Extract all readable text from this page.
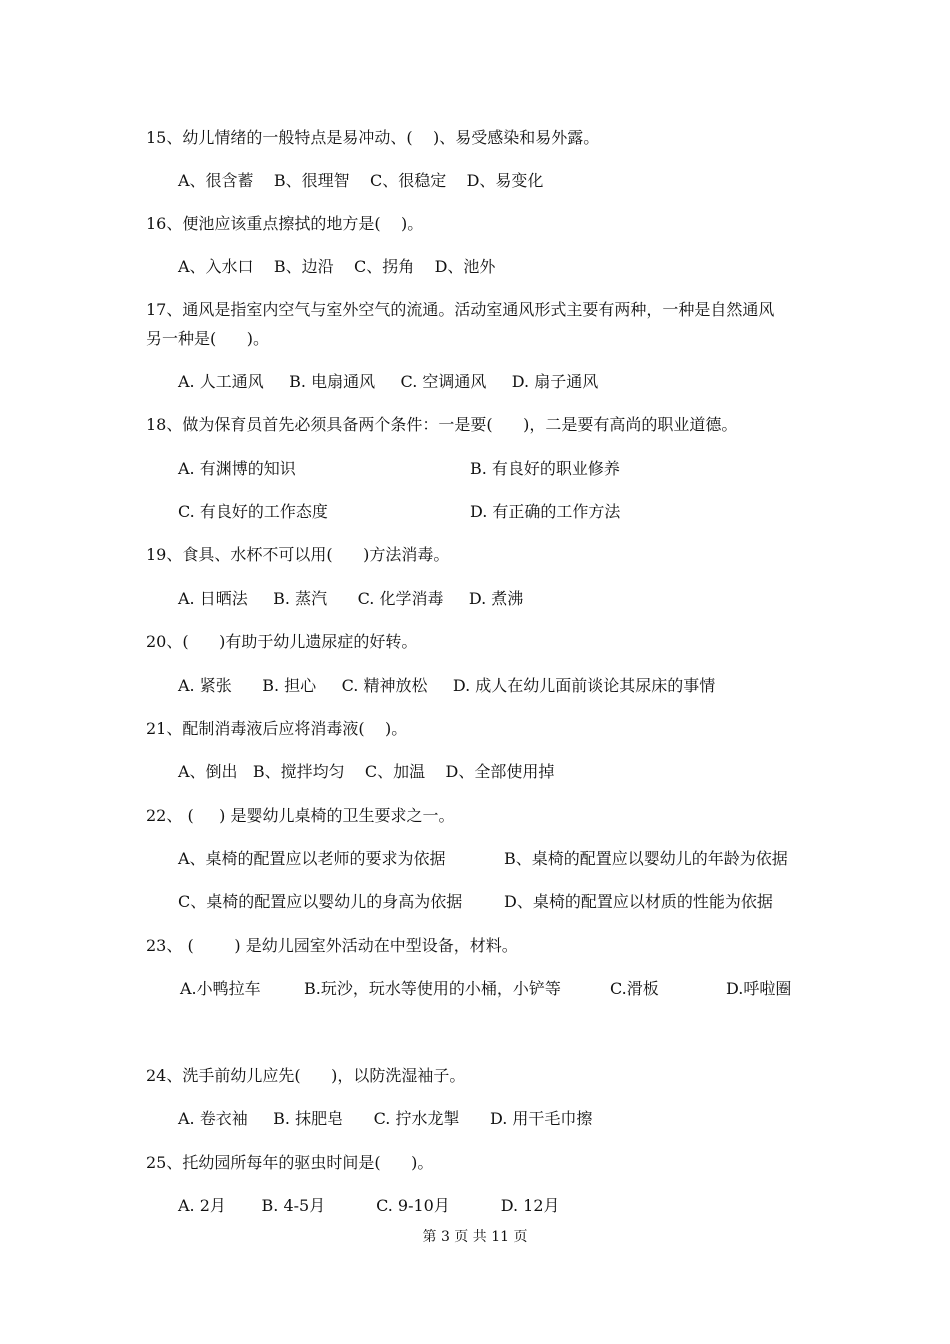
15、幼儿情绪的一般特点是易冲动、(    )、易受感染和易外露。
A、很含蓄    B、很理智    C、很稳定    D、易变化
16、便池应该重点擦拭的地方是(    )。
A、入水口    B、边沿    C、拐角    D、池外
17、通风是指室内空气与室外空气的流通。活动室通风形式主要有两种，一种是自然通风
另一种是(      )。
A. 人工通风     B. 电扇通风     C. 空调通风     D. 扇子通风
18、做为保育员首先必须具备两个条件：一是要(      )，二是要有高尚的职业道德。
A. 有渊博的知识	B. 有良好的职业修养
C. 有良好的工作态度	D. 有正确的工作方法
19、食具、水杯不可以用(      )方法消毒。
A. 日晒法     B. 蒸汽      C. 化学消毒     D. 煮沸
20、(      )有助于幼儿遗尿症的好转。
A. 紧张      B. 担心     C. 精神放松     D. 成人在幼儿面前谈论其尿床的事情
21、配制消毒液后应将消毒液(    )。
A、倒出   B、搅拌均匀    C、加温    D、全部使用掉
22、 (     ) 是婴幼儿桌椅的卫生要求之一。
A、桌椅的配置应以老师的要求为依据	B、桌椅的配置应以婴幼儿的年龄为依据
C、桌椅的配置应以婴幼儿的身高为依据	D、桌椅的配置应以材质的性能为依据
23、 (        ) 是幼儿园室外活动在中型设备，材料。
A.小鸭拉车	B.玩沙，玩水等使用的小桶，小铲等	C.滑板	D.呼啦圈
24、洗手前幼儿应先(      )，以防洗湿袖子。
A. 卷衣袖     B. 抹肥皂      C. 拧水龙掣      D. 用干毛巾擦
25、托幼园所每年的驱虫时间是(      )。
A. 2月       B. 4-5月          C. 9-10月          D. 12月
第 3 页 共 11 页
